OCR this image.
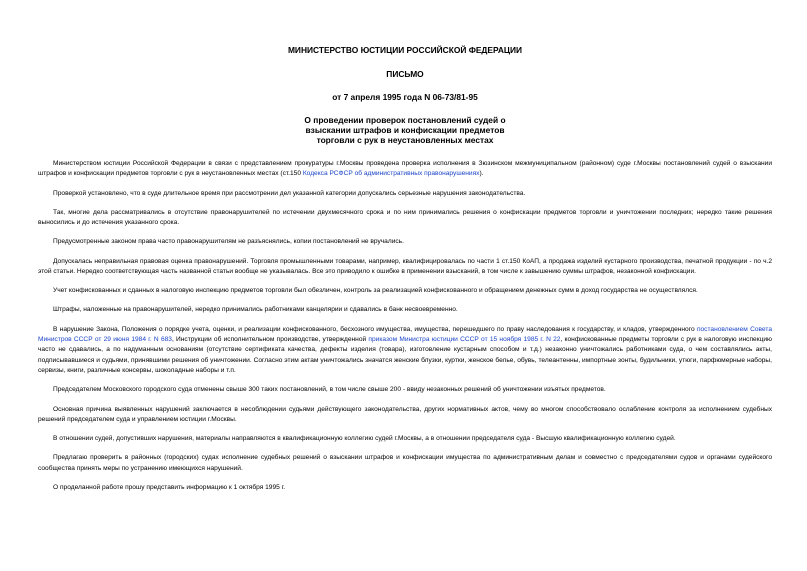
МИНИСТЕРСТВО ЮСТИЦИИ РОССИЙСКОЙ ФЕДЕРАЦИИ
ПИСЬМО
от 7 апреля 1995 года N 06-73/81-95
О проведении проверок постановлений судей о
взыскании штрафов и конфискации предметов
торговли с рук в неустановленных местах

Министерством юстиции Российской Федерации в связи с представлением прокуратуры г.Москвы проведена проверка исполнения в Зюзинском межмуниципальном (районном) суде г.Москвы постановлений судей о взыскании штрафов и конфискации предметов торговли с рук в неустановленных местах (ст.150 Кодекса РСФСР об административных правонарушениях).

Проверкой установлено, что в суде длительное время при рассмотрении дел указанной категории допускались серьезные нарушения законодательства.

Так, многие дела рассматривались в отсутствие правонарушителей по истечении двухмесячного срока и по ним принимались решения о конфискации предметов торговли и уничтожении последних; нередко такие решения выносились и до истечения указанного срока.

Предусмотренные законом права часто правонарушителям не разъяснялись, копии постановлений не вручались.

Допускалась неправильная правовая оценка правонарушений. Торговля промышленными товарами, например, квалифицировалась по части 1 ст.150 КоАП, а продажа изделий кустарного производства, печатной продукции - по ч.2 этой статьи. Нередко соответствующая часть названной статьи вообще не указывалась. Все это приводило к ошибке в применении взысканий, в том числе к завышению суммы штрафов, незаконной конфискации.

Учет конфискованных и сданных в налоговую инспекцию предметов торговли был обезличен, контроль за реализацией конфискованного и обращением денежных сумм в доход государства не осуществлялся.

Штрафы, наложенные на правонарушителей, нередко принимались работниками канцелярии и сдавались в банк несвоевременно.

В нарушение Закона, Положения о порядке учета, оценки, и реализации конфискованного, бесхозного имущества, имущества, перешедшего по праву наследования к государству, и кладов, утвержденного постановлением Совета Министров СССР от 29 июня 1984 г. N 683, Инструкции об исполнительном производстве, утвержденной приказом Министра юстиции СССР от 15 ноября 1985 г. N 22, конфискованные предметы торговли с рук в налоговую инспекцию часто не сдавались, а по надуманным основаниям (отсутствие сертификата качества, дефекты изделия (товара), изготовление кустарным способом и т.д.) незаконно уничтожались работниками суда, о чем составлялись акты, подписывавшиеся и судьями, принявшими решения об уничтожении. Согласно этим актам уничтожались значатся женские блузки, куртки, женское белье, обувь, телеантенны, импортные зонты, будильники, утюги, парфюмерные наборы, сервизы, книги, различные консервы, шоколадные наборы и т.п.

Председателем Московского городского суда отменены свыше 300 таких постановлений, в том числе свыше 200 - ввиду незаконных решений об уничтожении изъятых предметов.

Основная причина выявленных нарушений заключается в несоблюдении судьями действующего законодательства, других нормативных актов, чему во многом способствовало ослабление контроля за исполнением судебных решений председателем суда и управлением юстиции г.Москвы.

В отношении судей, допустивших нарушения, материалы направляются в квалификационную коллегию судей г.Москвы, а в отношении председателя суда - Высшую квалификационную коллегию судей.

Предлагаю проверить в районных (городских) судах исполнение судебных решений о взыскании штрафов и конфискации имущества по административным делам и совместно с председателями судов и органами судейского сообщества принять меры по устранению имеющихся нарушений.

О проделанной работе прошу представить информацию к 1 октября 1995 г.
